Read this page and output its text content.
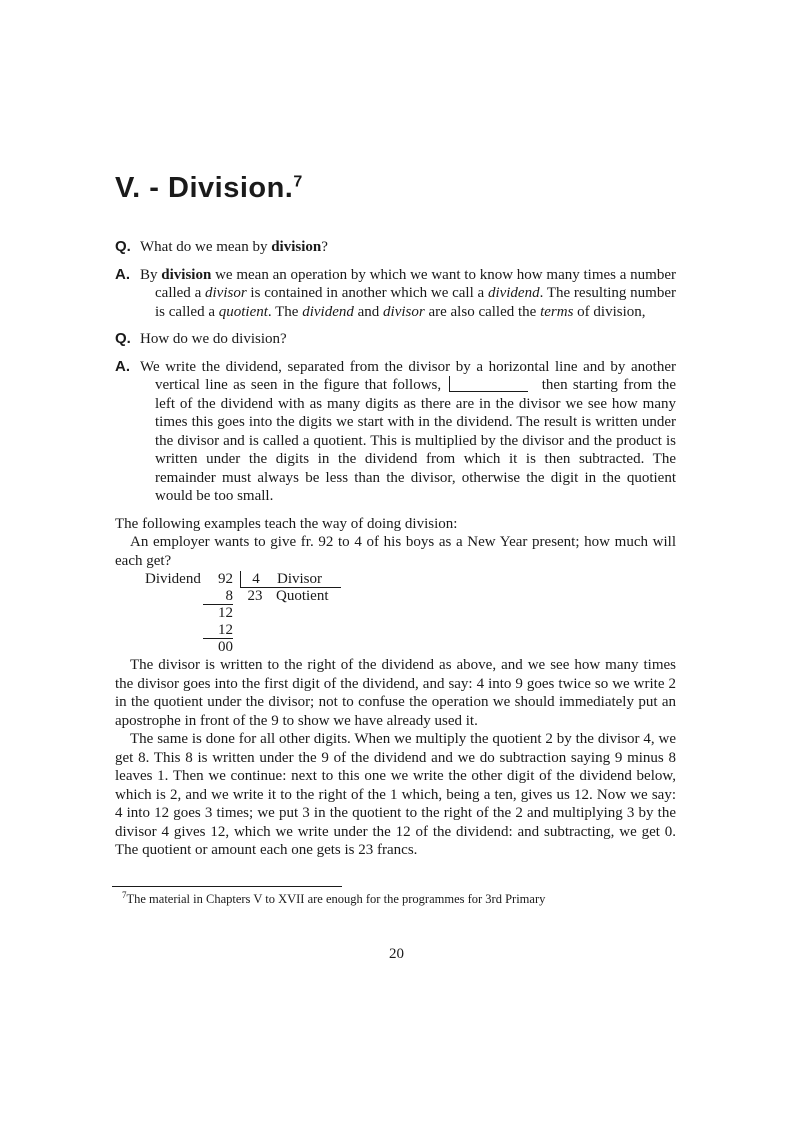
V. - Division.$^7$
Q. What do we mean by division?
A. By division we mean an operation by which we want to know how many times a number called a divisor is contained in another which we call a dividend. The resulting number is called a quotient. The dividend and divisor are also called the terms of division,
Q. How do we do division?
A. We write the dividend, separated from the divisor by a horizontal line and by another vertical line as seen in the figure that follows,	then starting from the left of the dividend with as many digits as there are in the divisor we see how many times this goes into the digits we start with in the dividend. The result is written under the divisor and is called a quotient. This is multiplied by the divisor and the product is written under the digits in the dividend from which it is then subtracted. The remainder must always be less than the divisor, otherwise the digit in the quotient would be too small.

The following examples teach the way of doing division:

An employer wants to give fr. 92 to 4 of his boys as a New Year present; how much will each get?

Dividend	92	4	Divisor
8 23 Quotient
12
12
00

The divisor is written to the right of the dividend as above, and we see how many times the divisor goes into the first digit of the dividend, and say: 4 into 9 goes twice so we write 2 in the quotient under the divisor; not to confuse the operation we should immediately put an apostrophe in front of the 9 to show we have already used it.

The same is done for all other digits. When we multiply the quotient 2 by the divisor 4, we get 8. This 8 is written under the 9 of the dividend and we do subtraction saying 9 minus 8 leaves 1. Then we continue: next to this one we write the other digit of the dividend below, which is 2, and we write it to the right of the 1 which, being a ten, gives us 12. Now we say: 4 into 12 goes 3 times; we put 3 in the quotient to the right of the 2 and multiplying 3 by the divisor 4 gives 12, which we write under the 12 of the dividend: and subtracting, we get 0. The quotient or amount each one gets is 23 francs.

$^7$The material in Chapters V to XVII are enough for the programmes for 3rd Primary
20
